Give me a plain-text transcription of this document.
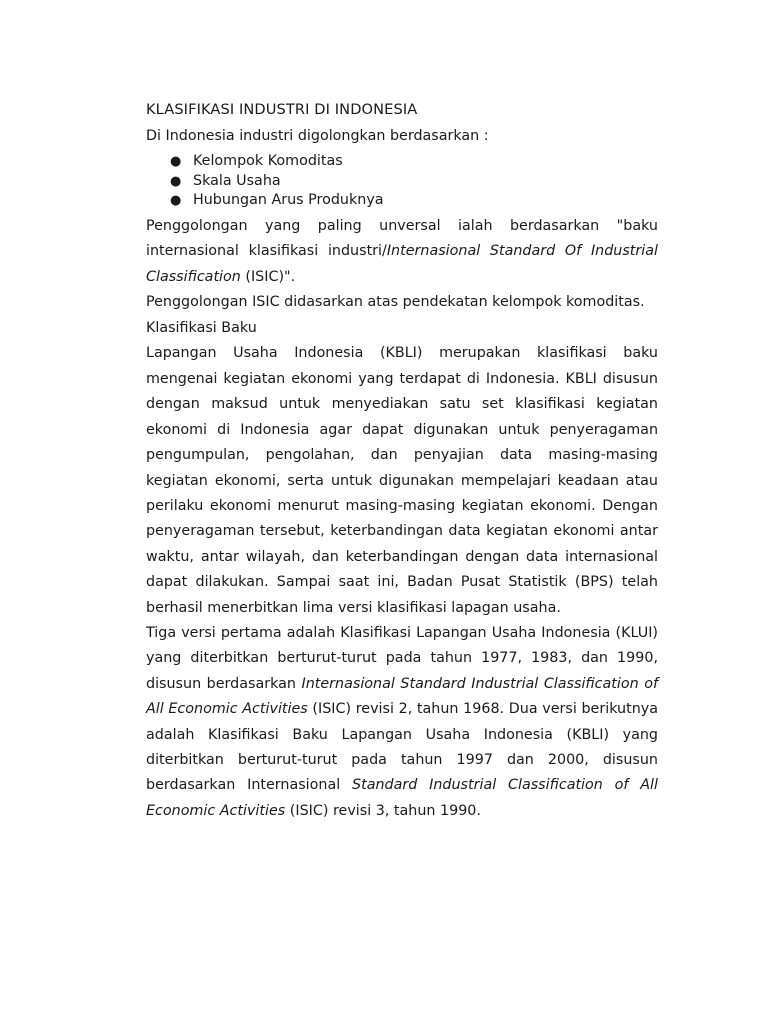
KLASIFIKASI INDUSTRI DI INDONESIA

Di Indonesia industri digolongkan berdasarkan :

● Kelompok Komoditas
● Skala Usaha
● Hubungan Arus Produknya

Penggolongan yang paling unversal ialah berdasarkan "baku internasional klasifikasi industri/Internasional Standard Of Industrial Classification (ISIC)".

Penggolongan ISIC didasarkan atas pendekatan kelompok komoditas.

Klasifikasi Baku

Lapangan Usaha Indonesia (KBLI) merupakan klasifikasi baku mengenai kegiatan ekonomi yang terdapat di Indonesia. KBLI disusun dengan maksud untuk menyediakan satu set klasifikasi kegiatan ekonomi di Indonesia agar dapat digunakan untuk penyeragaman pengumpulan, pengolahan, dan penyajian data masing-masing kegiatan ekonomi, serta untuk digunakan mempelajari keadaan atau perilaku ekonomi menurut masing-masing kegiatan ekonomi. Dengan penyeragaman tersebut, keterbandingan data kegiatan ekonomi antar waktu, antar wilayah, dan keterbandingan dengan data internasional dapat dilakukan. Sampai saat ini, Badan Pusat Statistik (BPS) telah berhasil menerbitkan lima versi klasifikasi lapagan usaha.

Tiga versi pertama adalah Klasifikasi Lapangan Usaha Indonesia (KLUI) yang diterbitkan berturut-turut pada tahun 1977, 1983, dan 1990, disusun berdasarkan Internasional Standard Industrial Classification of All Economic Activities (ISIC) revisi 2, tahun 1968. Dua versi berikutnya adalah Klasifikasi Baku Lapangan Usaha Indonesia (KBLI) yang diterbitkan berturut-turut pada tahun 1997 dan 2000, disusun berdasarkan Internasional Standard Industrial Classification of All Economic Activities (ISIC) revisi 3, tahun 1990.
